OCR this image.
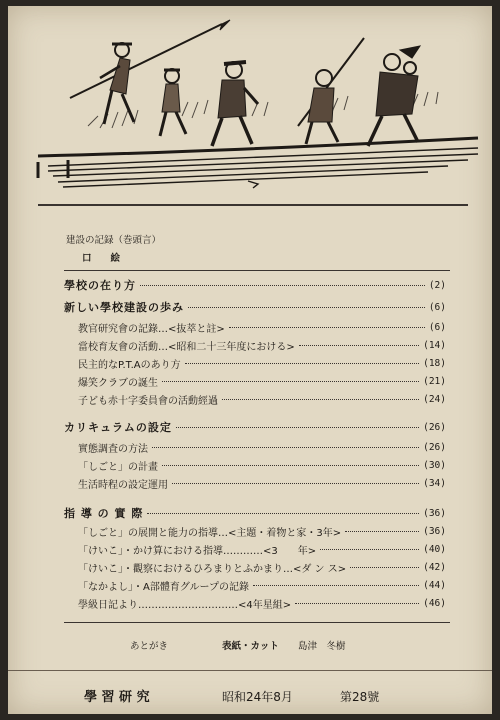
建設の記録（巻頭言）
口　　絵
學校の在り方	(2)
新しい學校建設の歩み	(6)
教官研究會の記錄…<抜萃と註>	(6)
當校育友會の活動…<昭和二十三年度における>	(14)
民主的なP.T.Aのあり方	(18)
爆笑クラブの誕生	(21)
子ども赤十字委員會の活動經過	(24)
カリキュラムの設定	(26)
實態調査の方法	(26)
「しごと」の計畫	(30)
生活時程の設定運用	(34)
指 導 の 實 際	(36)
「しごと」の展開と能力の指導…<主題・着物と家・3年>	(36)
「けいこ」・かけ算における指導…………<3　　年>	(40)
「けいこ」・觀察におけるひろまりとふかまり…<ダ ン ス>	(42)
「なかよし」・A部體育グループの記錄	(44)
學級日記より…………………………<4年星組>	(46)
あとがき	表紙・カット 島津　冬樹
學 習 研 究	昭和24年8月	第28號
